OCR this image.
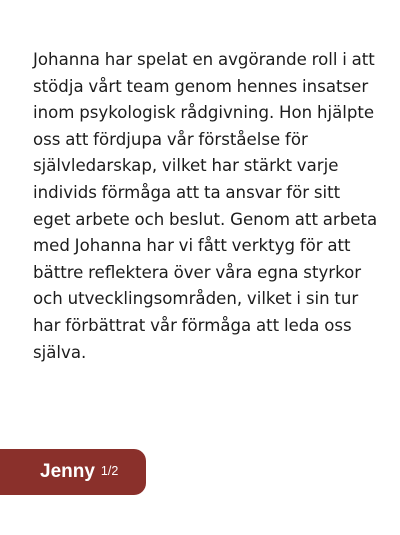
Johanna har spelat en avgörande roll i att stödja vårt team genom hennes insatser inom psykologisk rådgivning. Hon hjälpte oss att fördjupa vår förståelse för självledarskap, vilket har stärkt varje individs förmåga att ta ansvar för sitt eget arbete och beslut. Genom att arbeta med Johanna har vi fått verktyg för att bättre reflektera över våra egna styrkor och utvecklingsområden, vilket i sin tur har förbättrat vår förmåga att leda oss själva.

Jenny 1/2
